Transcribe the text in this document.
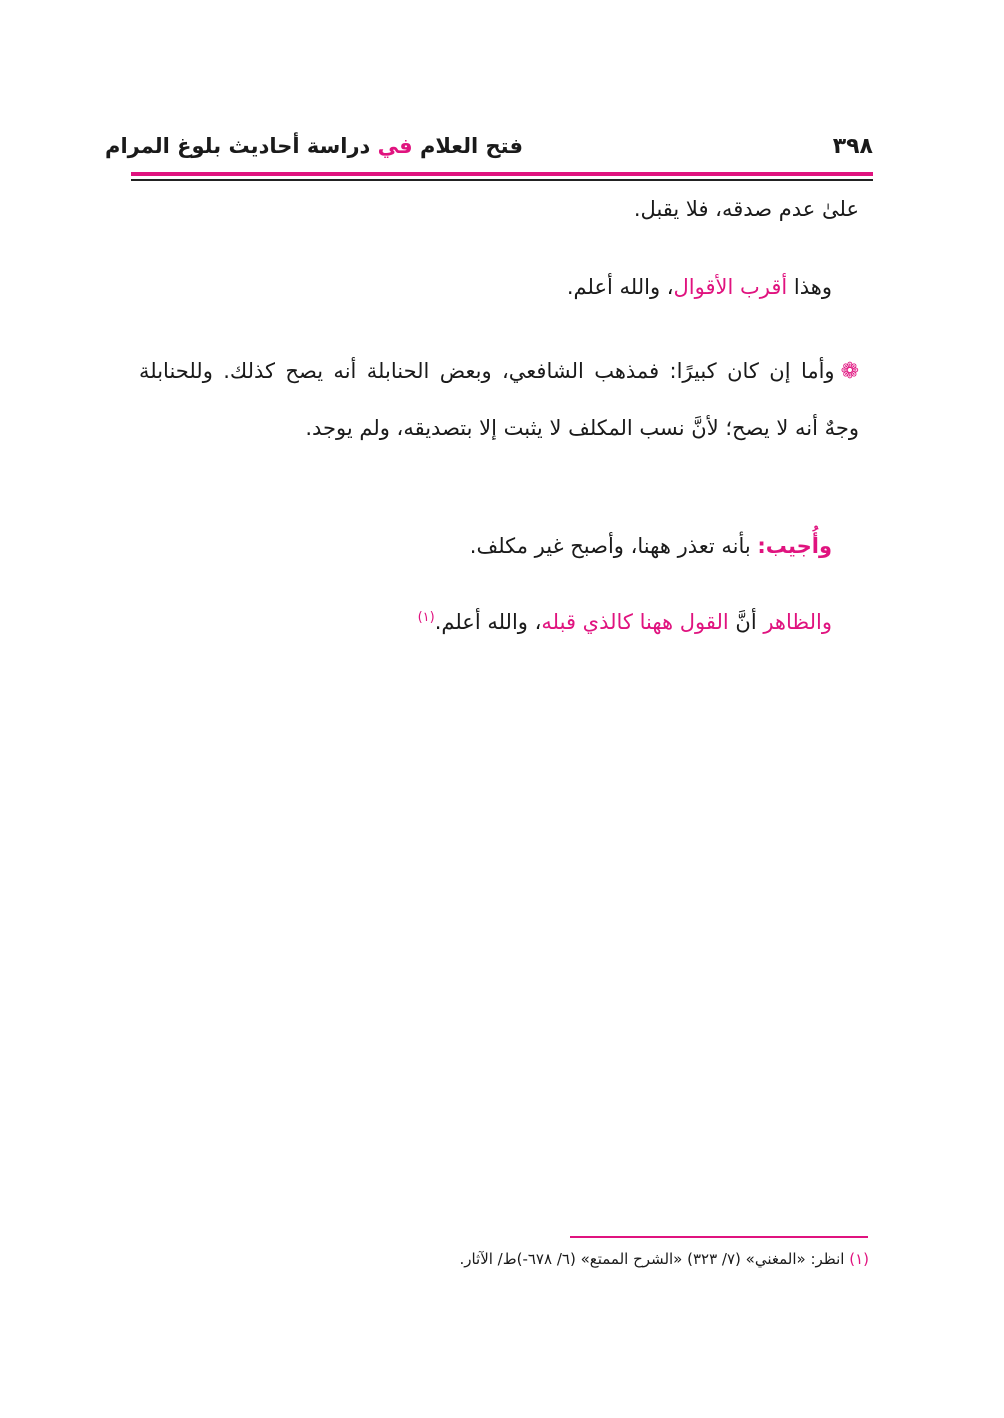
فتح العلام في دراسة أحاديث بلوغ المرام	٣٩٨
علىٰ عدم صدقه، فلا يقبل.
وهذا أقرب الأقوال، والله أعلم.
❁وأما إن كان كبيرًا: فمذهب الشافعي، وبعض الحنابلة أنه يصح كذلك. وللحنابلة وجهٌ أنه لا يصح؛ لأنَّ نسب المكلف لا يثبت إلا بتصديقه، ولم يوجد.
وأُجيب: بأنه تعذر ههنا، وأصبح غير مكلف.
والظاهر أنَّ القول ههنا كالذي قبله، والله أعلم.$^{(١)}$
(١) انظر: «المغني» (٧/ ٣٢٣) «الشرح الممتع» (٦/ ٦٧٨-)ط/ الآثار.
